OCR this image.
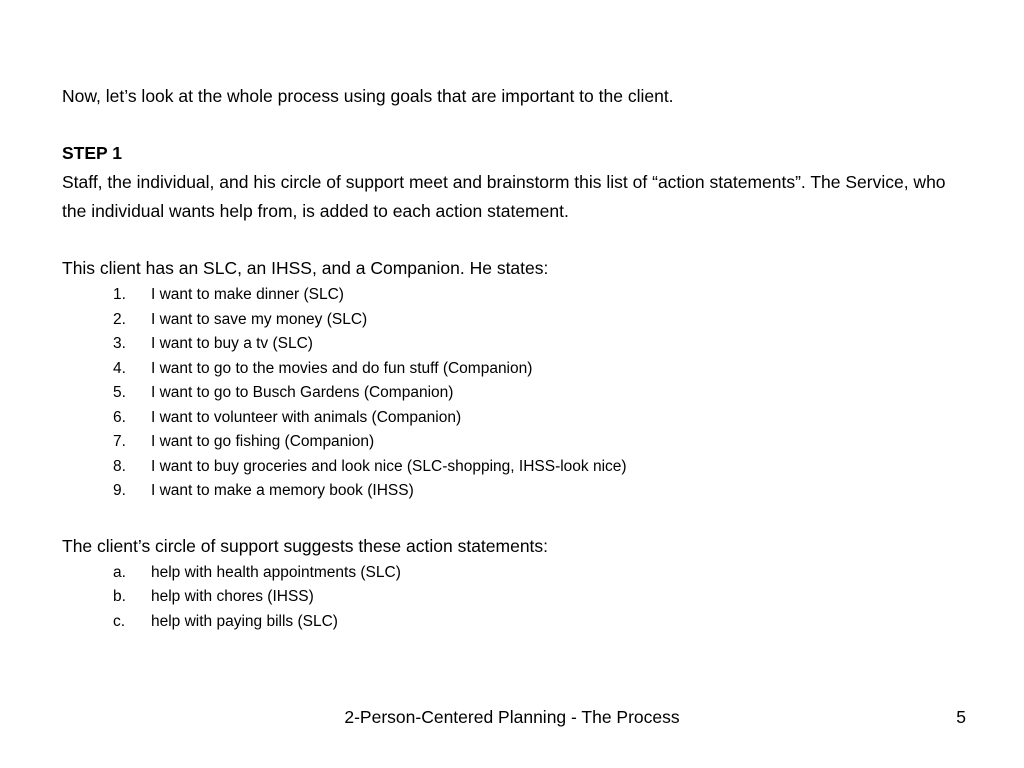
Now, let’s look at the whole process using goals that are important to the client.

STEP 1

Staff, the individual, and his circle of support meet and brainstorm this list of “action statements”. The Service, who the individual wants help from, is added to each action statement.

This client has an SLC, an IHSS, and a Companion. He states:

1. I want to make dinner (SLC)
2. I want to save my money (SLC)
3. I want to buy a tv (SLC)
4. I want to go to the movies and do fun stuff (Companion)
5. I want to go to Busch Gardens (Companion)
6. I want to volunteer with animals (Companion)
7. I want to go fishing (Companion)
8. I want to buy groceries and look nice (SLC-shopping, IHSS-look nice)
9. I want to make a memory book (IHSS)

The client’s circle of support suggests these action statements:

a. help with health appointments (SLC)
b. help with chores (IHSS)
c. help with paying bills (SLC)
2-Person-Centered Planning - The Process	5
